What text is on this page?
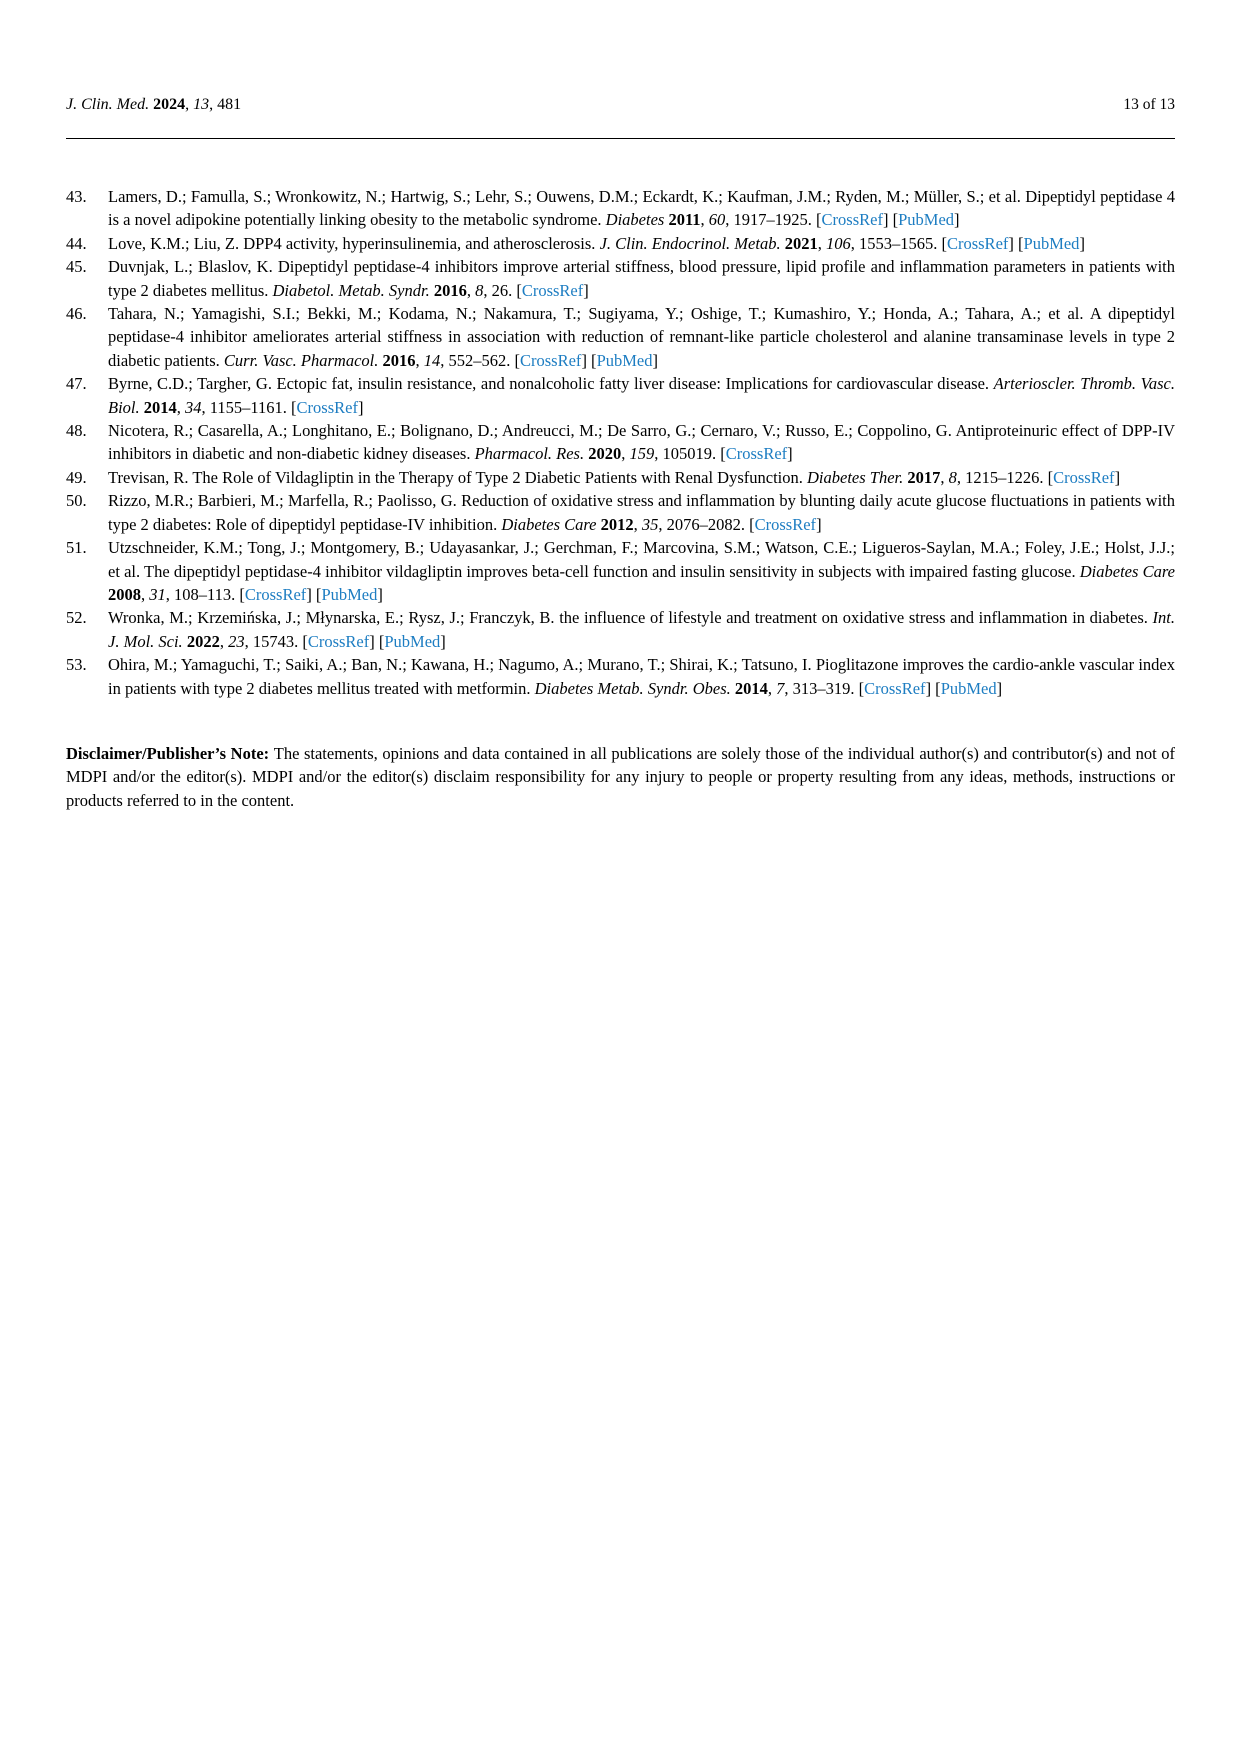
J. Clin. Med. 2024, 13, 481	13 of 13
43.	Lamers, D.; Famulla, S.; Wronkowitz, N.; Hartwig, S.; Lehr, S.; Ouwens, D.M.; Eckardt, K.; Kaufman, J.M.; Ryden, M.; Müller, S.; et al. Dipeptidyl peptidase 4 is a novel adipokine potentially linking obesity to the metabolic syndrome. Diabetes 2011, 60, 1917–1925. [CrossRef] [PubMed]

44.	Love, K.M.; Liu, Z. DPP4 activity, hyperinsulinemia, and atherosclerosis. J. Clin. Endocrinol. Metab. 2021, 106, 1553–1565. [CrossRef] [PubMed]

45.	Duvnjak, L.; Blaslov, K. Dipeptidyl peptidase-4 inhibitors improve arterial stiffness, blood pressure, lipid profile and inflammation parameters in patients with type 2 diabetes mellitus. Diabetol. Metab. Syndr. 2016, 8, 26. [CrossRef]

46.	Tahara, N.; Yamagishi, S.I.; Bekki, M.; Kodama, N.; Nakamura, T.; Sugiyama, Y.; Oshige, T.; Kumashiro, Y.; Honda, A.; Tahara, A.; et al. A dipeptidyl peptidase-4 inhibitor ameliorates arterial stiffness in association with reduction of remnant-like particle cholesterol and alanine transaminase levels in type 2 diabetic patients. Curr. Vasc. Pharmacol. 2016, 14, 552–562. [CrossRef] [PubMed]

47.	Byrne, C.D.; Targher, G. Ectopic fat, insulin resistance, and nonalcoholic fatty liver disease: Implications for cardiovascular disease. Arterioscler. Thromb. Vasc. Biol. 2014, 34, 1155–1161. [CrossRef]

48.	Nicotera, R.; Casarella, A.; Longhitano, E.; Bolignano, D.; Andreucci, M.; De Sarro, G.; Cernaro, V.; Russo, E.; Coppolino, G. Antiproteinuric effect of DPP-IV inhibitors in diabetic and non-diabetic kidney diseases. Pharmacol. Res. 2020, 159, 105019. [CrossRef]

49.	Trevisan, R. The Role of Vildagliptin in the Therapy of Type 2 Diabetic Patients with Renal Dysfunction. Diabetes Ther. 2017, 8, 1215–1226. [CrossRef]

50.	Rizzo, M.R.; Barbieri, M.; Marfella, R.; Paolisso, G. Reduction of oxidative stress and inflammation by blunting daily acute glucose fluctuations in patients with type 2 diabetes: Role of dipeptidyl peptidase-IV inhibition. Diabetes Care 2012, 35, 2076–2082. [CrossRef]

51.	Utzschneider, K.M.; Tong, J.; Montgomery, B.; Udayasankar, J.; Gerchman, F.; Marcovina, S.M.; Watson, C.E.; Ligueros-Saylan, M.A.; Foley, J.E.; Holst, J.J.; et al. The dipeptidyl peptidase-4 inhibitor vildagliptin improves beta-cell function and insulin sensitivity in subjects with impaired fasting glucose. Diabetes Care 2008, 31, 108–113. [CrossRef] [PubMed]

52.	Wronka, M.; Krzemińska, J.; Młynarska, E.; Rysz, J.; Franczyk, B. the influence of lifestyle and treatment on oxidative stress and inflammation in diabetes. Int. J. Mol. Sci. 2022, 23, 15743. [CrossRef] [PubMed]

53.	Ohira, M.; Yamaguchi, T.; Saiki, A.; Ban, N.; Kawana, H.; Nagumo, A.; Murano, T.; Shirai, K.; Tatsuno, I. Pioglitazone improves the cardio-ankle vascular index in patients with type 2 diabetes mellitus treated with metformin. Diabetes Metab. Syndr. Obes. 2014, 7, 313–319. [CrossRef] [PubMed]

Disclaimer/Publisher’s Note: The statements, opinions and data contained in all publications are solely those of the individual author(s) and contributor(s) and not of MDPI and/or the editor(s). MDPI and/or the editor(s) disclaim responsibility for any injury to people or property resulting from any ideas, methods, instructions or products referred to in the content.
